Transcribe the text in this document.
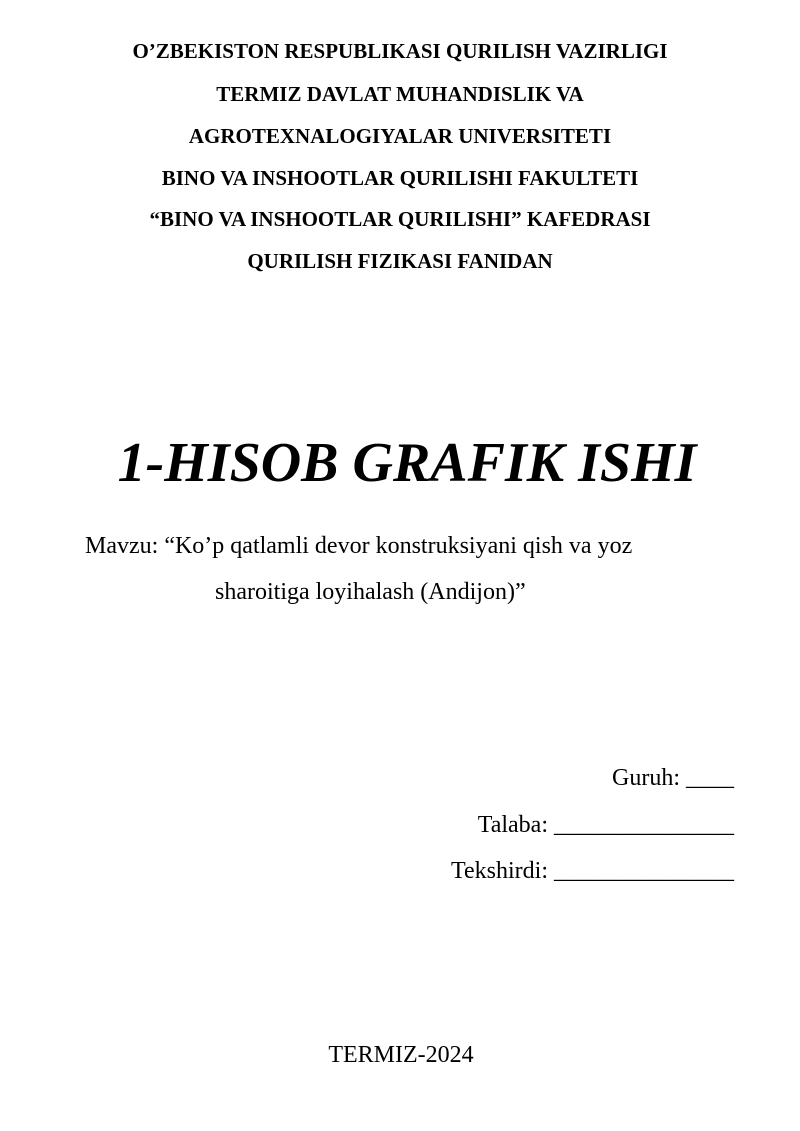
O’ZBEKISTON RESPUBLIKASI QURILISH VAZIRLIGI
TERMIZ DAVLAT MUHANDISLIK VA
AGROTEXNALOGIYALAR UNIVERSITETI
BINO VA INSHOOTLAR QURILISHI FAKULTETI
“BINO VA INSHOOTLAR QURILISHI” KAFEDRASI
QURILISH FIZIKASI FANIDAN
1-HISOB GRAFIK ISHI
Mavzu: “Ko’p qatlamli devor konstruksiyani qish va yoz
sharoitiga loyihalash (Andijon)”
Guruh: ____
Talaba: _______________
Tekshirdi: _______________
TERMIZ-2024
